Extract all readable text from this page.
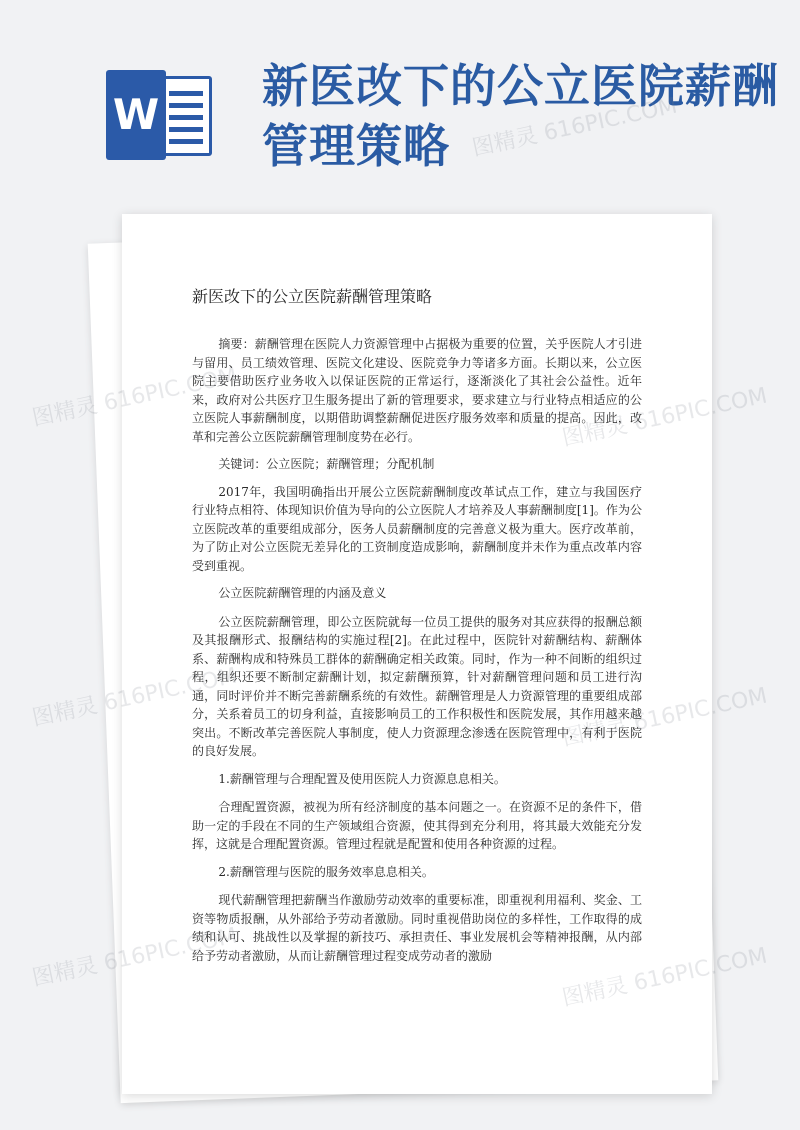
W
新医改下的公立医院薪酬管理策略
新医改下的公立医院薪酬管理策略

摘要：薪酬管理在医院人力资源管理中占据极为重要的位置，关乎医院人才引进与留用、员工绩效管理、医院文化建设、医院竞争力等诸多方面。长期以来，公立医院主要借助医疗业务收入以保证医院的正常运行，逐渐淡化了其社会公益性。近年来，政府对公共医疗卫生服务提出了新的管理要求，要求建立与行业特点相适应的公立医院人事薪酬制度，以期借助调整薪酬促进医疗服务效率和质量的提高。因此，改革和完善公立医院薪酬管理制度势在必行。

关键词：公立医院；薪酬管理；分配机制

2017年，我国明确指出开展公立医院薪酬制度改革试点工作，建立与我国医疗行业特点相符、体现知识价值为导向的公立医院人才培养及人事薪酬制度[1]。作为公立医院改革的重要组成部分，医务人员薪酬制度的完善意义极为重大。医疗改革前，为了防止对公立医院无差异化的工资制度造成影响，薪酬制度并未作为重点改革内容受到重视。

公立医院薪酬管理的内涵及意义

公立医院薪酬管理，即公立医院就每一位员工提供的服务对其应获得的报酬总额及其报酬形式、报酬结构的实施过程[2]。在此过程中，医院针对薪酬结构、薪酬体系、薪酬构成和特殊员工群体的薪酬确定相关政策。同时，作为一种不间断的组织过程，组织还要不断制定薪酬计划，拟定薪酬预算，针对薪酬管理问题和员工进行沟通，同时评价并不断完善薪酬系统的有效性。薪酬管理是人力资源管理的重要组成部分，关系着员工的切身利益，直接影响员工的工作积极性和医院发展，其作用越来越突出。不断改革完善医院人事制度，使人力资源理念渗透在医院管理中，有利于医院的良好发展。

1.薪酬管理与合理配置及使用医院人力资源息息相关。

合理配置资源，被视为所有经济制度的基本问题之一。在资源不足的条件下，借助一定的手段在不同的生产领域组合资源，使其得到充分利用，将其最大效能充分发挥，这就是合理配置资源。管理过程就是配置和使用各种资源的过程。

2.薪酬管理与医院的服务效率息息相关。

现代薪酬管理把薪酬当作激励劳动效率的重要标准，即重视利用福利、奖金、工资等物质报酬，从外部给予劳动者激励。同时重视借助岗位的多样性，工作取得的成绩和认可、挑战性以及掌握的新技巧、承担责任、事业发展机会等精神报酬，从内部给予劳动者激励，从而让薪酬管理过程变成劳动者的激励

图精灵 616PIC.COM
图精灵
图精灵
图精灵
